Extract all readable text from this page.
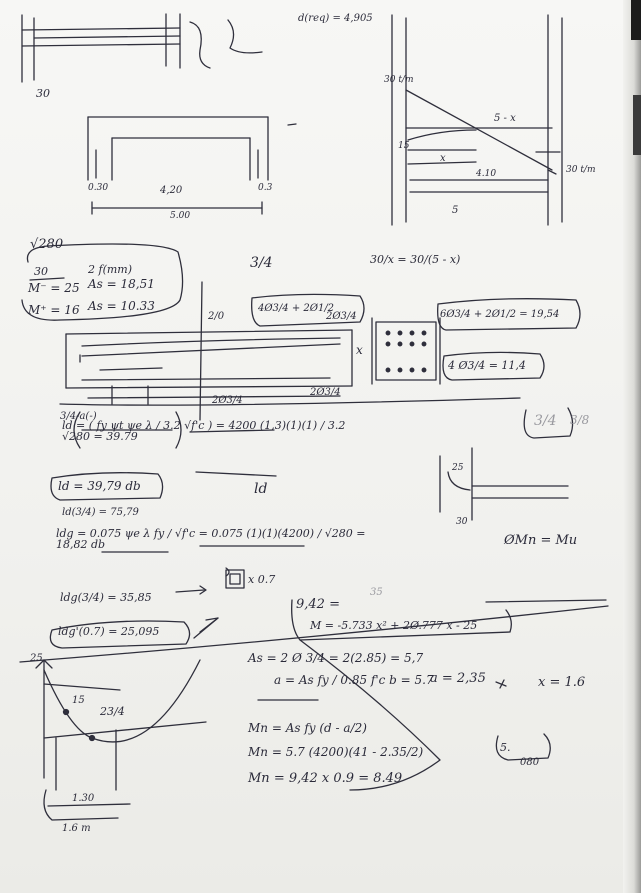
30
d(req) = 4,905
0.30	4,20	0.3
5.00
30 t/m
5 - x
x
4.10	30 t/m
15
5
√280
30	2 f(mm)
M⁻ = 25 As = 18,51
M⁺ = 16 As = 10.33
3/4	30/x = 30/(5 - x)
4Ø3/4 + 2Ø1/2
2Ø3/4	6Ø3/4 + 2Ø1/2 = 19,54
2/0
2Ø3/4
2Ø3/4
4 Ø3/4 = 11,4
x
3/4-a(-)	3/4 3/8
ld = ( fy ψt ψe λ / 3.2 √f'c ) = 4200 (1,3)(1)(1) / 3.2 √280 = 39.79
ld = 39,79 db
ld(3/4) = 75,79
ld
ldg = 0.075 ψe λ fy / √f'c = 0.075 (1)(1)(4200) / √280 = 18,82 db	ØMn = Mu
ldg(3/4) = 35,85
x 0.7
ldg'(0.7) = 25,095
9,42 =
35
25
30
M = -5.733 x² + 2Ø.777 x - 25
As = 2 Ø 3/4 = 2(2.85) = 5,7
a = As fy / 0.85 f'c b = 5.7
a = 2,35	x = 1.6
Mn = As fy (d - a/2)
Mn = 5.7 (4200)(41 - 2.35/2)
Mn = 9,42 x 0.9 = 8.49
25
15
23/4
1.30
1.6 m
5.
080
